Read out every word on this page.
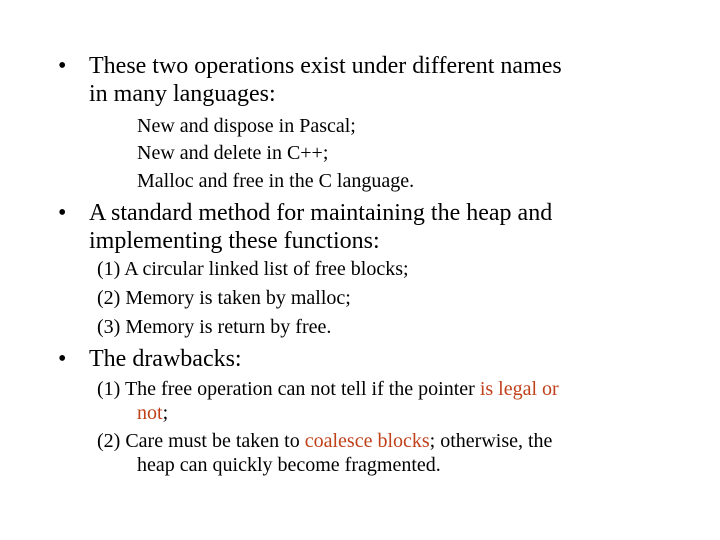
• These two operations exist under different names
in many languages:
New and dispose in Pascal;
New and delete in C++;
Malloc and free in the C language.
• A standard method for maintaining the heap and
implementing these functions:
(1) A circular linked list of free blocks;
(2) Memory is taken by malloc;
(3) Memory is return by free.
• The drawbacks:
(1) The free operation can not tell if the pointer is legal or
not;
(2) Care must be taken to coalesce blocks; otherwise, the
heap can quickly become fragmented.
